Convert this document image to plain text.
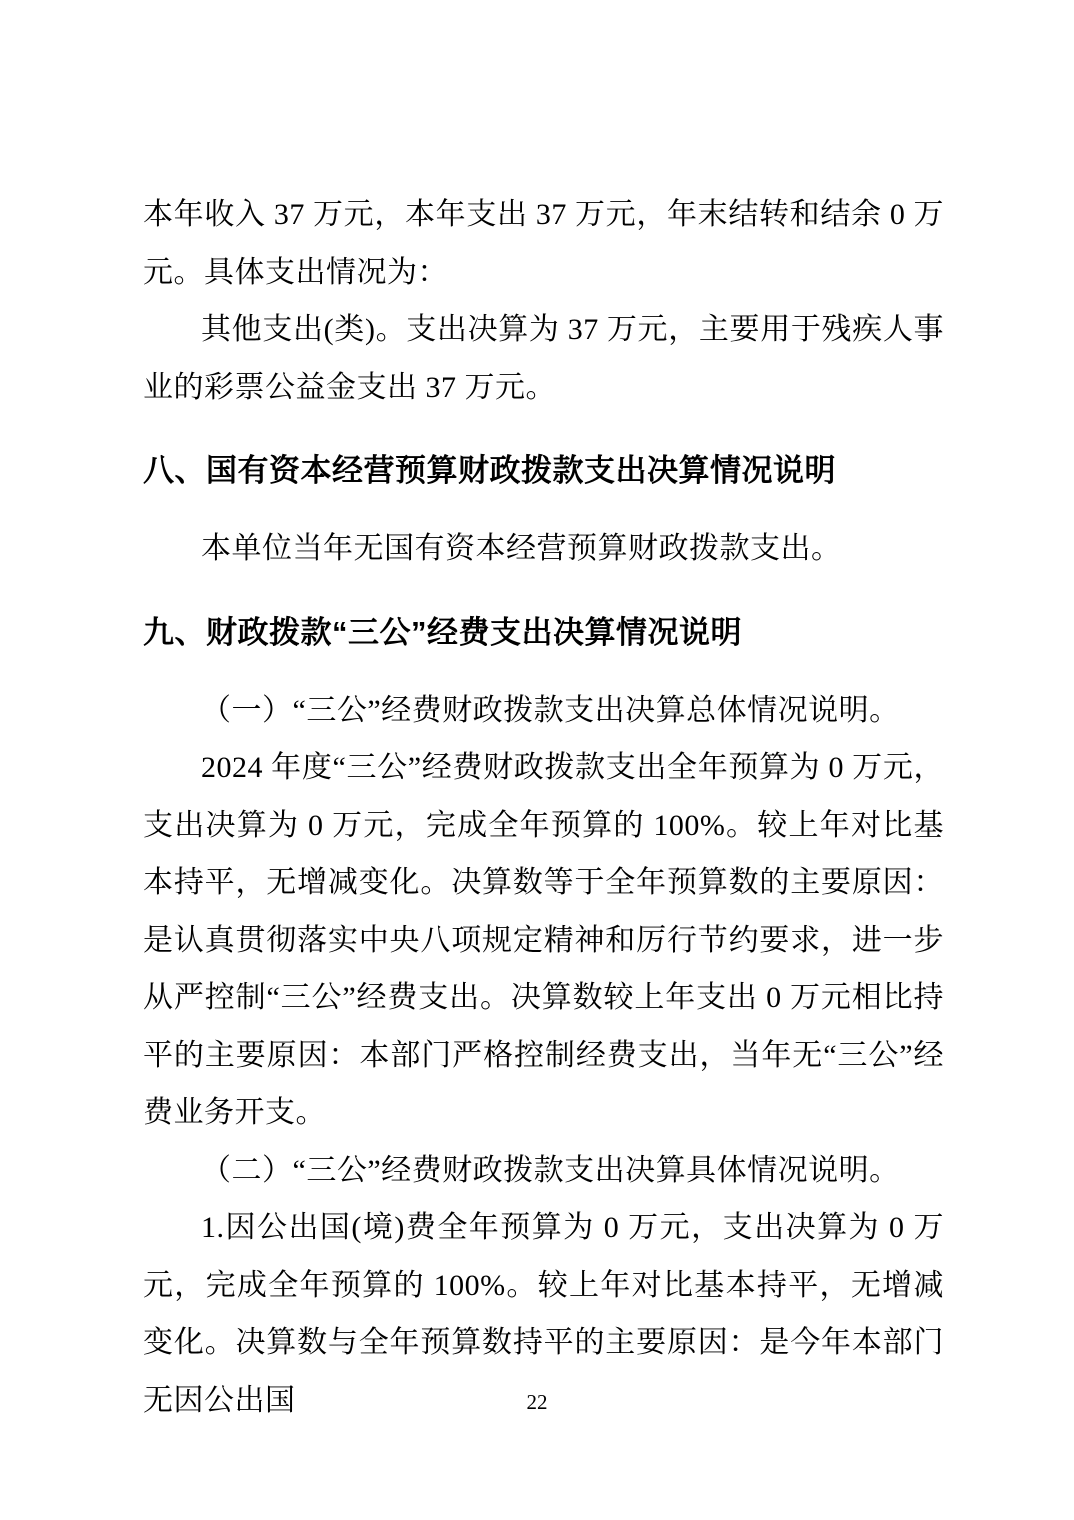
本年收入 37 万元，本年支出 37 万元，年末结转和结余 0 万元。具体支出情况为：

其他支出(类)。支出决算为 37 万元，主要用于残疾人事业的彩票公益金支出 37 万元。

八、国有资本经营预算财政拨款支出决算情况说明

本单位当年无国有资本经营预算财政拨款支出。

九、财政拨款“三公”经费支出决算情况说明

（一）“三公”经费财政拨款支出决算总体情况说明。

2024 年度“三公”经费财政拨款支出全年预算为 0 万元，支出决算为 0 万元，完成全年预算的 100%。较上年对比基本持平，无增减变化。决算数等于全年预算数的主要原因：是认真贯彻落实中央八项规定精神和厉行节约要求，进一步从严控制“三公”经费支出。决算数较上年支出 0 万元相比持平的主要原因：本部门严格控制经费支出，当年无“三公”经费业务开支。

（二）“三公”经费财政拨款支出决算具体情况说明。

1.因公出国(境)费全年预算为 0 万元，支出决算为 0 万元，完成全年预算的 100%。较上年对比基本持平，无增减变化。决算数与全年预算数持平的主要原因：是今年本部门无因公出国	22
